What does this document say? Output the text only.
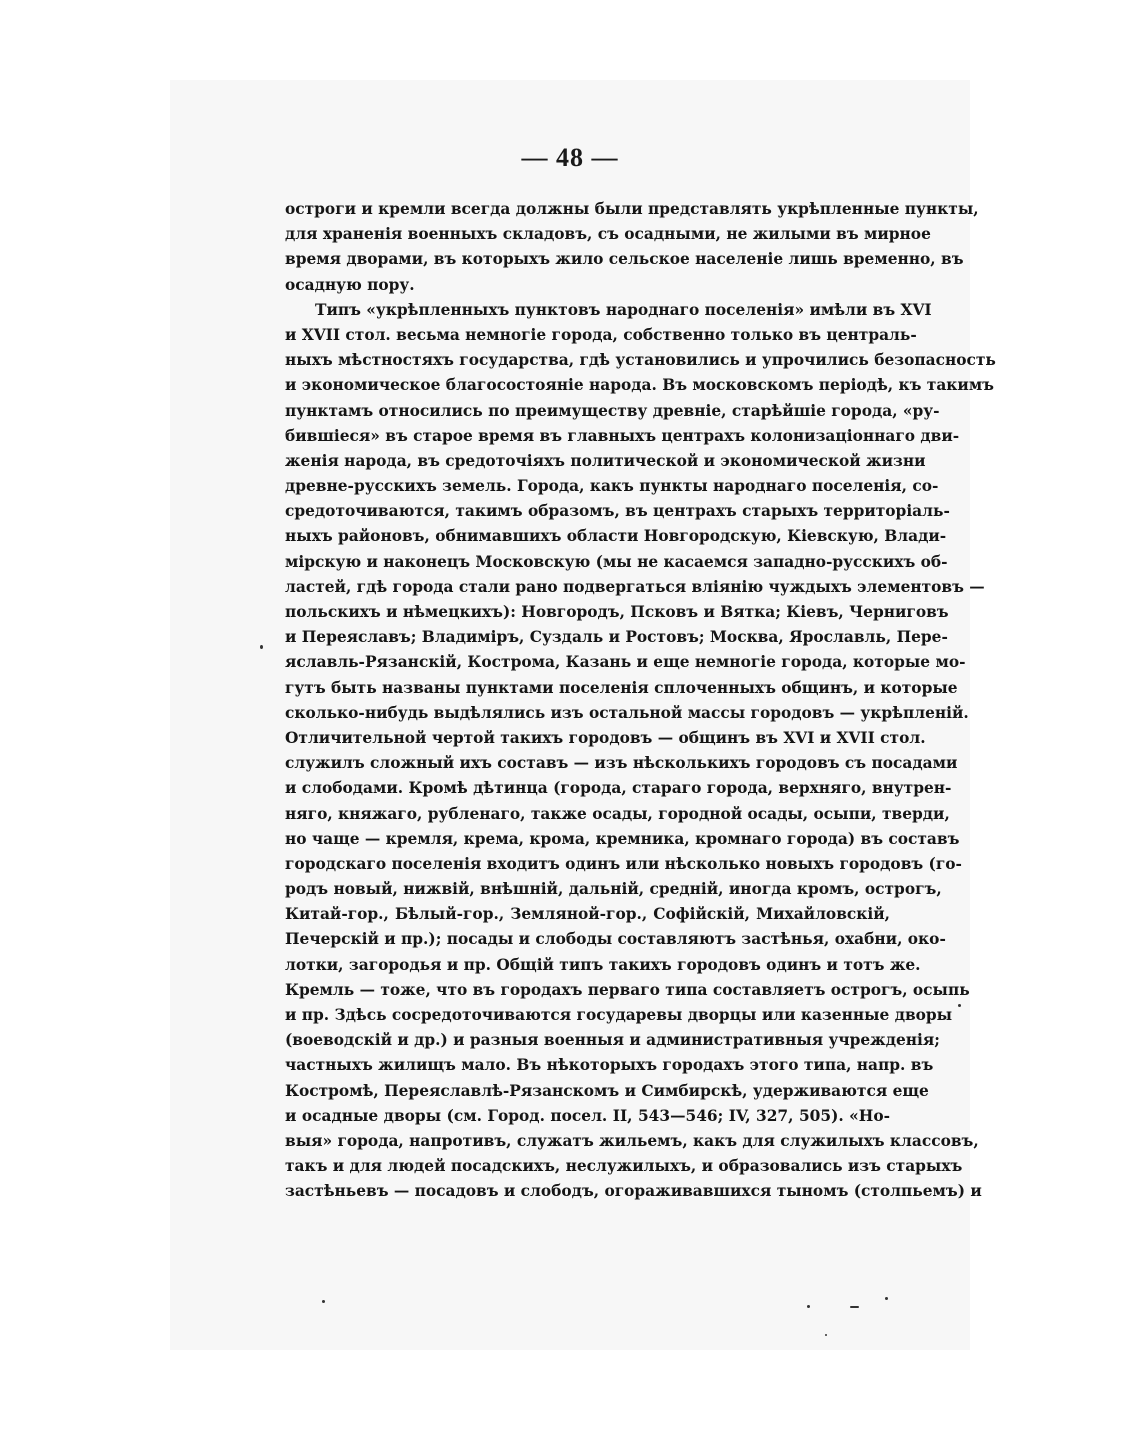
— 48 —
остроги и кремли всегда должны были представлять укрѣпленные пункты,
для храненія военныхъ складовъ, съ осадными, не жилыми въ мирное
время дворами, въ которыхъ жило сельское населеніе лишь временно, въ
осадную пору.
Типъ «укрѣпленныхъ пунктовъ народнаго поселенія» имѣли въ XVI
и XVII стол. весьма немногіе города, собственно только въ централь-
ныхъ мѣстностяхъ государства, гдѣ установились и упрочились безопасность
и экономическое благосостояніе народа. Въ московскомъ періодѣ, къ такимъ
пунктамъ относились по преимуществу древніе, старѣйшіе города, «ру-
бившіеся» въ старое время въ главныхъ центрахъ колонизаціоннаго дви-
женія народа, въ средоточіяхъ политической и экономической жизни
древне-русскихъ земель. Города, какъ пункты народнаго поселенія, со-
средоточиваются, такимъ образомъ, въ центрахъ старыхъ территоріаль-
ныхъ районовъ, обнимавшихъ области Новгородскую, Кіевскую, Влади-
мірскую и наконецъ Московскую (мы не касаемся западно-русскихъ об-
ластей, гдѣ города стали рано подвергаться вліянію чуждыхъ элементовъ —
польскихъ и нѣмецкихъ): Новгородъ, Псковъ и Вятка; Кіевъ, Черниговъ
и Переяславъ; Владиміръ, Суздаль и Ростовъ; Москва, Ярославль, Пере-
яславль-Рязанскій, Кострома, Казань и еще немногіе города, которые мо-
гутъ быть названы пунктами поселенія сплоченныхъ общинъ, и которые
сколько-нибудь выдѣлялись изъ остальной массы городовъ — укрѣпленій.
Отличительной чертой такихъ городовъ — общинъ въ XVI и XVII стол.
служилъ сложный ихъ составъ — изъ нѣсколькихъ городовъ съ посадами
и слободами. Кромѣ дѣтинца (города, стараго города, верхняго, внутрен-
няго, княжаго, рубленаго, также осады, городной осады, осыпи, тверди,
но чаще — кремля, крема, крома, кремника, кромнаго города) въ составъ
городскаго поселенія входитъ одинъ или нѣсколько новыхъ городовъ (го-
родъ новый, нижвій, внѣшній, дальній, средній, иногда кромъ, острогъ,
Китай-гор., Бѣлый-гор., Земляной-гор., Софійскій, Михайловскій,
Печерскій и пр.); посады и слободы составляютъ застѣнья, охабни, око-
лотки, загородья и пр. Общій типъ такихъ городовъ одинъ и тотъ же.
Кремль — тоже, что въ городахъ перваго типа составляетъ острогъ, осыпь
и пр. Здѣсь сосредоточиваются государевы дворцы или казенные дворы
(воеводскій и др.) и разныя военныя и административныя учрежденія;
частныхъ жилищъ мало. Въ нѣкоторыхъ городахъ этого типа, напр. въ
Костромѣ, Переяславлѣ-Рязанскомъ и Симбирскѣ, удерживаются еще
и осадные дворы (см. Город. посел. II, 543—546; IV, 327, 505). «Но-
выя» города, напротивъ, служатъ жильемъ, какъ для служилыхъ классовъ,
такъ и для людей посадскихъ, неслужилыхъ, и образовались изъ старыхъ
застѣньевъ — посадовъ и слободъ, огораживавшихся тыномъ (столпьемъ) и
